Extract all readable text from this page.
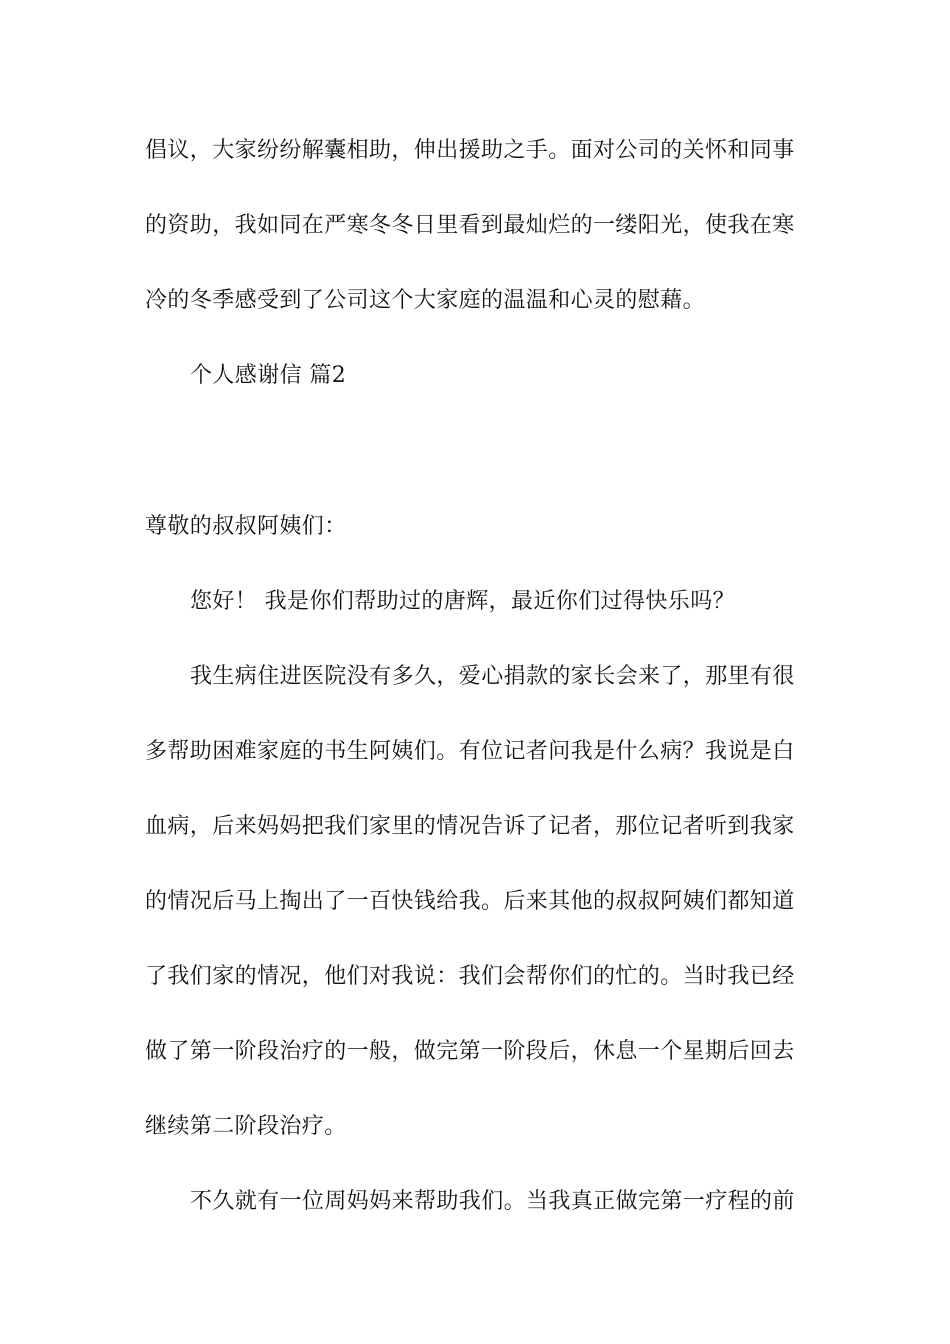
倡议，大家纷纷解囊相助，伸出援助之手。面对公司的关怀和同事
的资助，我如同在严寒冬冬日里看到最灿烂的一缕阳光，使我在寒
冷的冬季感受到了公司这个大家庭的温温和心灵的慰藉。
个人感谢信 篇2
尊敬的叔叔阿姨们：
您好！ 我是你们帮助过的唐辉，最近你们过得快乐吗？
我生病住进医院没有多久，爱心捐款的家长会来了，那里有很
多帮助困难家庭的书生阿姨们。有位记者问我是什么病？我说是白
血病，后来妈妈把我们家里的情况告诉了记者，那位记者听到我家
的情况后马上掏出了一百快钱给我。后来其他的叔叔阿姨们都知道
了我们家的情况，他们对我说：我们会帮你们的忙的。当时我已经
做了第一阶段治疗的一般，做完第一阶段后，休息一个星期后回去
继续第二阶段治疗。
不久就有一位周妈妈来帮助我们。当我真正做完第一疗程的前
